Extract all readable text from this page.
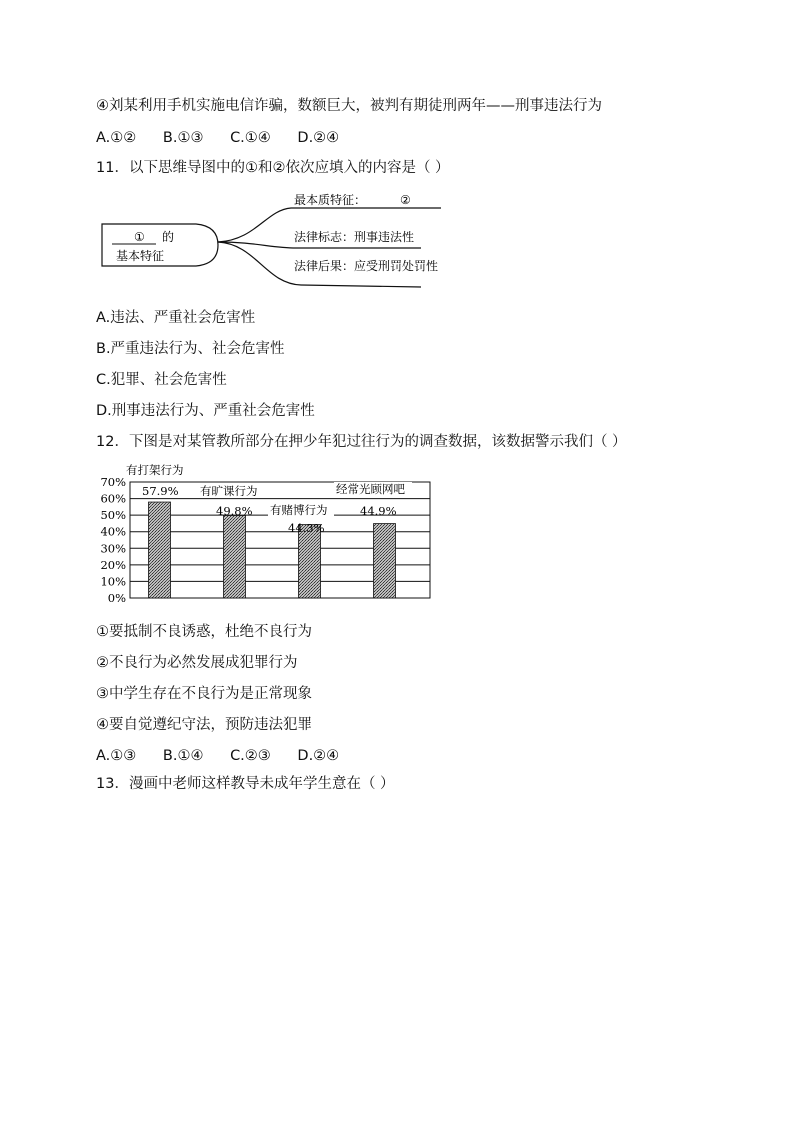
④刘某利用手机实施电信诈骗，数额巨大，被判有期徒刑两年——刑事违法行为
A.①② B.①③ C.①④ D.②④
11．以下思维导图中的①和②依次应填入的内容是（ ）
① 的
基本特征
最本质特征：	②
法律标志：刑事违法性
法律后果：应受刑罚处罚性
A.违法、严重社会危害性
B.严重违法行为、社会危害性
C.犯罪、社会危害性
D.刑事违法行为、严重社会危害性
12．下图是对某管教所部分在押少年犯过往行为的调查数据，该数据警示我们（ ）
0%
10%
20%
30%
40%
50%
60%
70%
有打架行为
有旷课行为
有赌博行为
经常光顾网吧
57.9%
49.8%
44.3%
44.9%
①要抵制不良诱惑，杜绝不良行为
②不良行为必然发展成犯罪行为
③中学生存在不良行为是正常现象
④要自觉遵纪守法，预防违法犯罪
A.①③ B.①④ C.②③ D.②④
13．漫画中老师这样教导未成年学生意在（ ）
